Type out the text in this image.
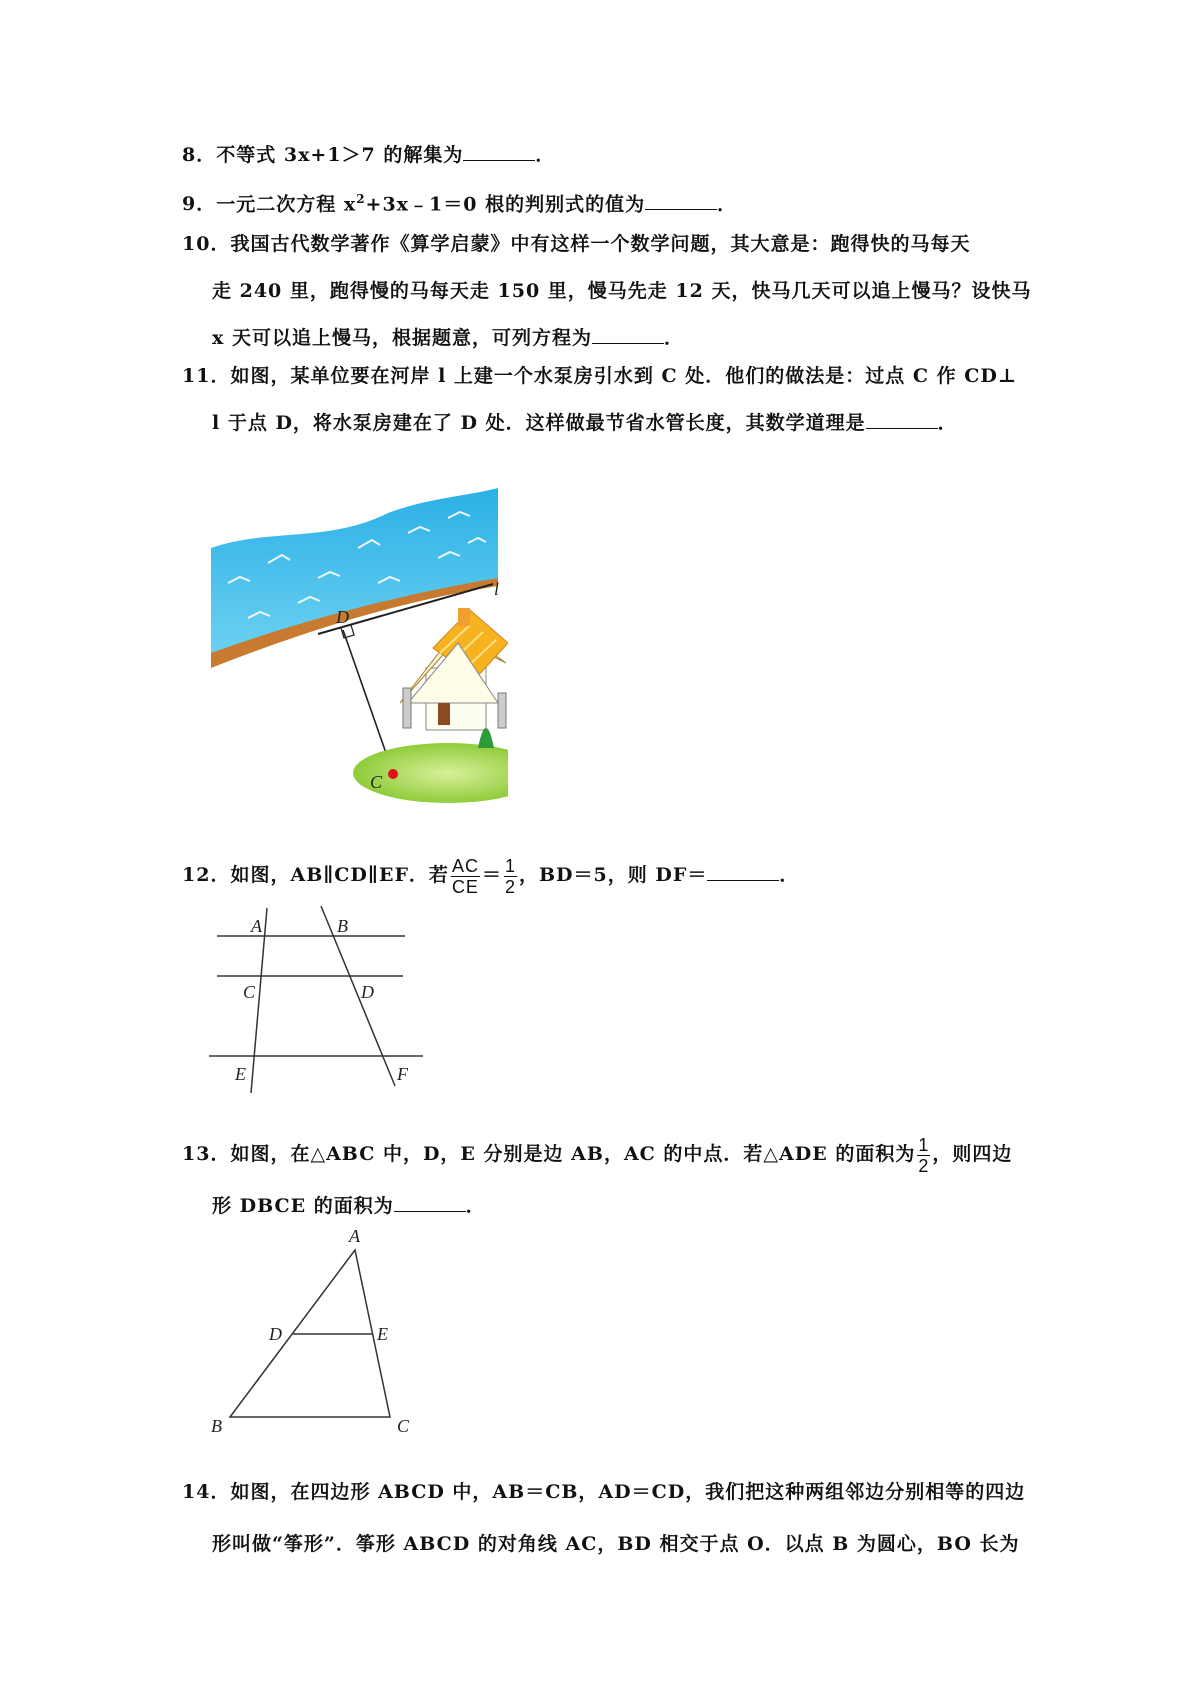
8．不等式 3x+1＞7 的解集为	．
9．一元二次方程 $x^2+3x﹣1=0$ 根的判别式的值为	．
10．我国古代数学著作《算学启蒙》中有这样一个数学问题，其大意是：跑得快的马每天
走 240 里，跑得慢的马每天走 150 里，慢马先走 12 天，快马几天可以追上慢马？设快马
x 天可以追上慢马，根据题意，可列方程为	．
11．如图，某单位要在河岸 l 上建一个水泵房引水到 C 处．他们的做法是：过点 C 作 CD⊥
l 于点 D，将水泵房建在了 D 处．这样做最节省水管长度，其数学道理是	．
D
l
C
12．如图，AB∥CD∥EF．若 $\frac{AC}{CE} = \frac{1}{2}$ ，BD＝5，则 DF＝	．
A	B
C	D
E	F
13．如图，在△ABC 中，D，E 分别是边 AB，AC 的中点．若△ADE 的面积为 $\frac{1}{2}$ ，则四边
形 DBCE 的面积为	．
A
D	E
B	C
14．如图，在四边形 ABCD 中，AB＝CB，AD＝CD，我们把这种两组邻边分别相等的四边
形叫做“筝形”．筝形 ABCD 的对角线 AC，BD 相交于点 O．以点 B 为圆心，BO 长为
